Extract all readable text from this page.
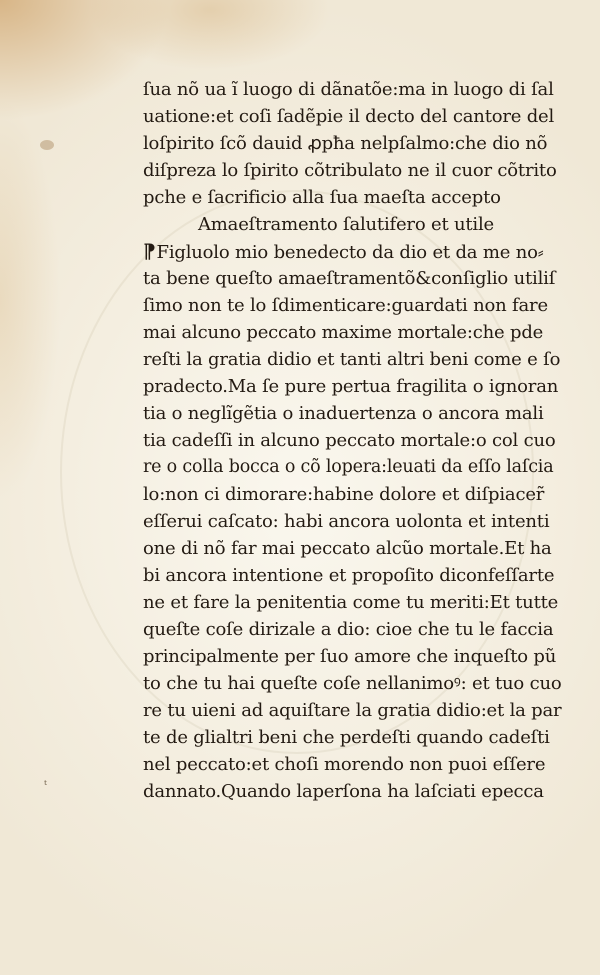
ᵗ
ſua nõ ua ĩ luogo di dãnatõe:ma in luogo di ſal
uatione:et coſi ſadẽpie il decto del cantore del
loſpirito ſcõ dauid ꝓpħa nelpſalmo:che dio nõ
diſpreza lo ſpirito cõtribulato ne il cuor cõtrito
pche e ſacrificio alla ſua maeſta accepto
Amaeſtramento ſalutifero et utile
⁋Figluolo mio benedecto da dio et da me no⸗
ta bene queſto amaeſtramentõ&conſiglio utiliſ
ſimo non te lo ſdimenticare:guardati non fare
mai alcuno peccato maxime mortale:che pde
reſti la gratia didio et tanti altri beni come e ſo
pradecto.Ma ſe pure pertua fragilita o ignoran
tia o neglĩgẽtia o inaduertenza o ancora mali
tia cadeſſi in alcuno peccato mortale:o col cuo
re o colla bocca o cõ lopera:leuati da eſſo laſcia
lo:non ci dimorare:habine dolore et diſpiacer̃
eſſerui caſcato: habi ancora uolonta et intenti
one di nõ far mai peccato alcũo mortale.Et ha
bi ancora intentione et propoſito diconfeſſarte
ne et fare la penitentia come tu meriti:Et tutte
queſte coſe dirizale a dio: cioe che tu le faccia
principalmente per ſuo amore che inqueſto pũ
to che tu hai queſte coſe nellanimoꝰ: et tuo cuo
re tu uieni ad aquiſtare la gratia didio:et la par
te de glialtri beni che perdeſti quando cadeſti
nel peccato:et choſi morendo non puoi eſſere
dannato.Quando laperſona ha laſciati epecca
